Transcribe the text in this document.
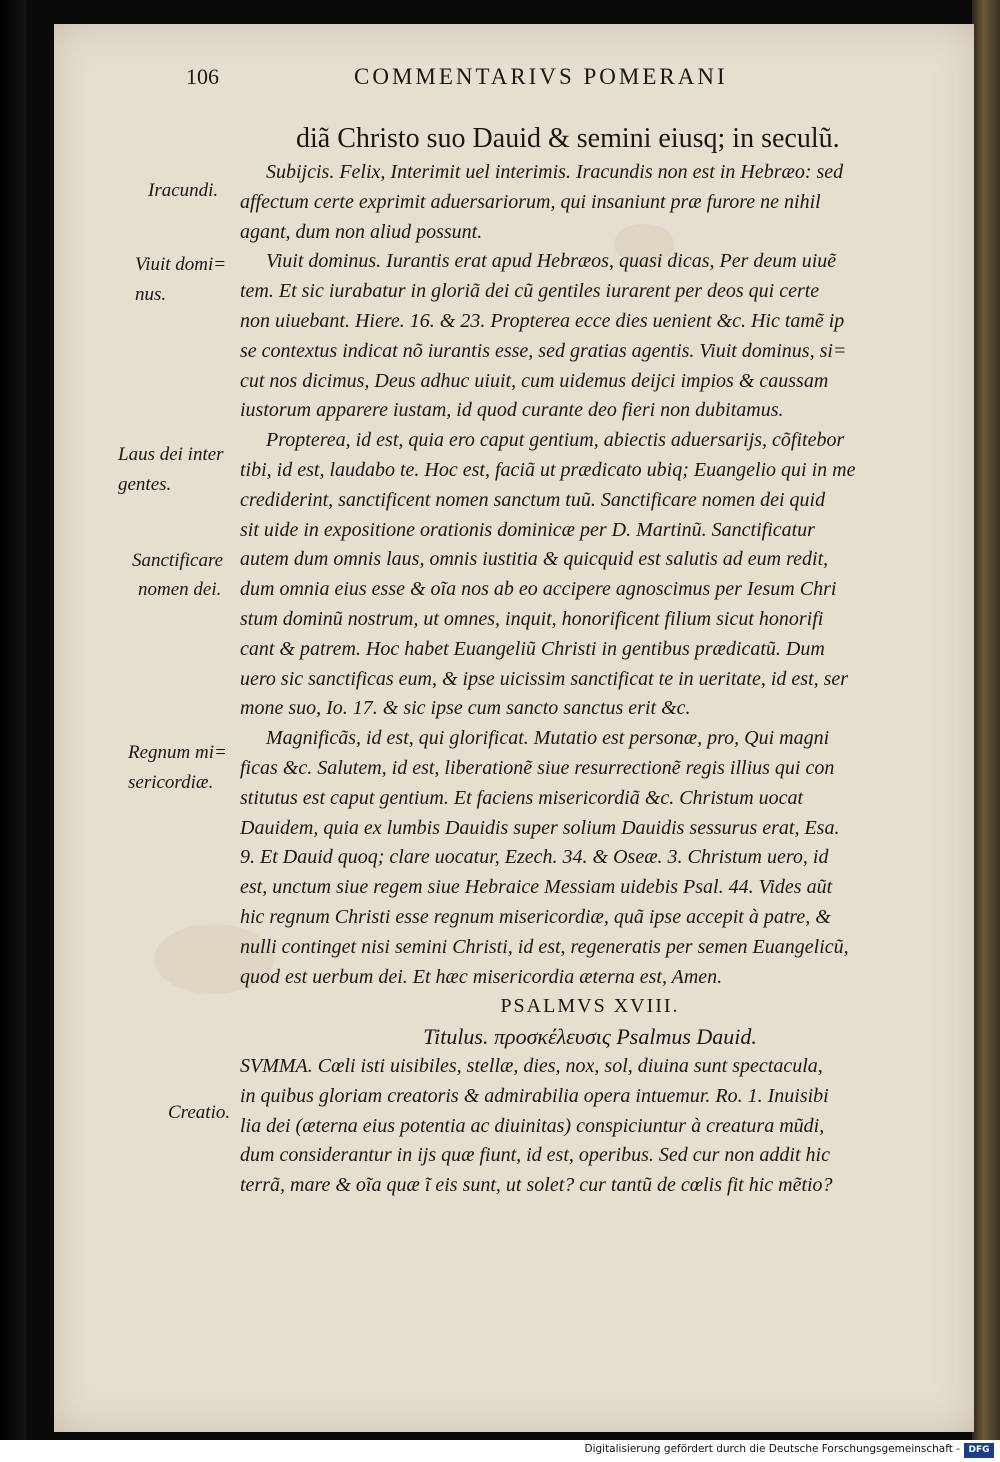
106	COMMENTARIVS POMERANI
Iracundi.
Viuit domi=
nus.
Laus dei inter
gentes.
Sanctificare
nomen dei.
Regnum mi=
sericordiæ.
Creatio.
diã Christo suo Dauid & semini eiusq; in seculũ.
Subijcis. Felix, Interimit uel interimis. Iracundis non est in Hebræo: sed
affectum certe exprimit aduersariorum, qui insaniunt præ furore ne nihil
agant, dum non aliud possunt.
Viuit dominus. Iurantis erat apud Hebræos, quasi dicas, Per deum uiuẽ
tem. Et sic iurabatur in gloriã dei cũ gentiles iurarent per deos qui certe
non uiuebant. Hiere. 16. & 23. Propterea ecce dies uenient &c. Hic tamẽ ip
se contextus indicat nõ iurantis esse, sed gratias agentis. Viuit dominus, si=
cut nos dicimus, Deus adhuc uiuit, cum uidemus deijci impios & caussam
iustorum apparere iustam, id quod curante deo fieri non dubitamus.
Propterea, id est, quia ero caput gentium, abiectis aduersarijs, cõfitebor
tibi, id est, laudabo te. Hoc est, faciã ut prædicato ubiq; Euangelio qui in me
crediderint, sanctificent nomen sanctum tuũ. Sanctificare nomen dei quid
sit uide in expositione orationis dominicæ per D. Martinũ. Sanctificatur
autem dum omnis laus, omnis iustitia & quicquid est salutis ad eum redit,
dum omnia eius esse & oĩa nos ab eo accipere agnoscimus per Iesum Chri
stum dominũ nostrum, ut omnes, inquit, honorificent filium sicut honorifi
cant & patrem. Hoc habet Euangeliũ Christi in gentibus prædicatũ. Dum
uero sic sanctificas eum, & ipse uicissim sanctificat te in ueritate, id est, ser
mone suo, Io. 17. & sic ipse cum sancto sanctus erit &c.
Magnificãs, id est, qui glorificat. Mutatio est personæ, pro, Qui magni
ficas &c. Salutem, id est, liberationẽ siue resurrectionẽ regis illius qui con
stitutus est caput gentium. Et faciens misericordiã &c. Christum uocat
Dauidem, quia ex lumbis Dauidis super solium Dauidis sessurus erat, Esa.
9. Et Dauid quoq; clare uocatur, Ezech. 34. & Oseæ. 3. Christum uero, id
est, unctum siue regem siue Hebraice Messiam uidebis Psal. 44. Vides aũt
hic regnum Christi esse regnum misericordiæ, quã ipse accepit à patre, &
nulli continget nisi semini Christi, id est, regeneratis per semen Euangelicũ,
quod est uerbum dei. Et hæc misericordia æterna est, Amen.
PSALMVS XVIII.
Titulus. προσκέλευσις Psalmus Dauid.
SVMMA. Cœli isti uisibiles, stellæ, dies, nox, sol, diuina sunt spectacula,
in quibus gloriam creatoris & admirabilia opera intuemur. Ro. 1. Inuisibi
lia dei (æterna eius potentia ac diuinitas) conspiciuntur à creatura mũdi,
dum considerantur in ijs quæ fiunt, id est, operibus. Sed cur non addit hic
terrã, mare & oĩa quæ ĩ eis sunt, ut solet? cur tantũ de cœlis fit hic mẽtio?
Digitalisierung gefördert durch die Deutsche Forschungsgemeinschaft - DFG
